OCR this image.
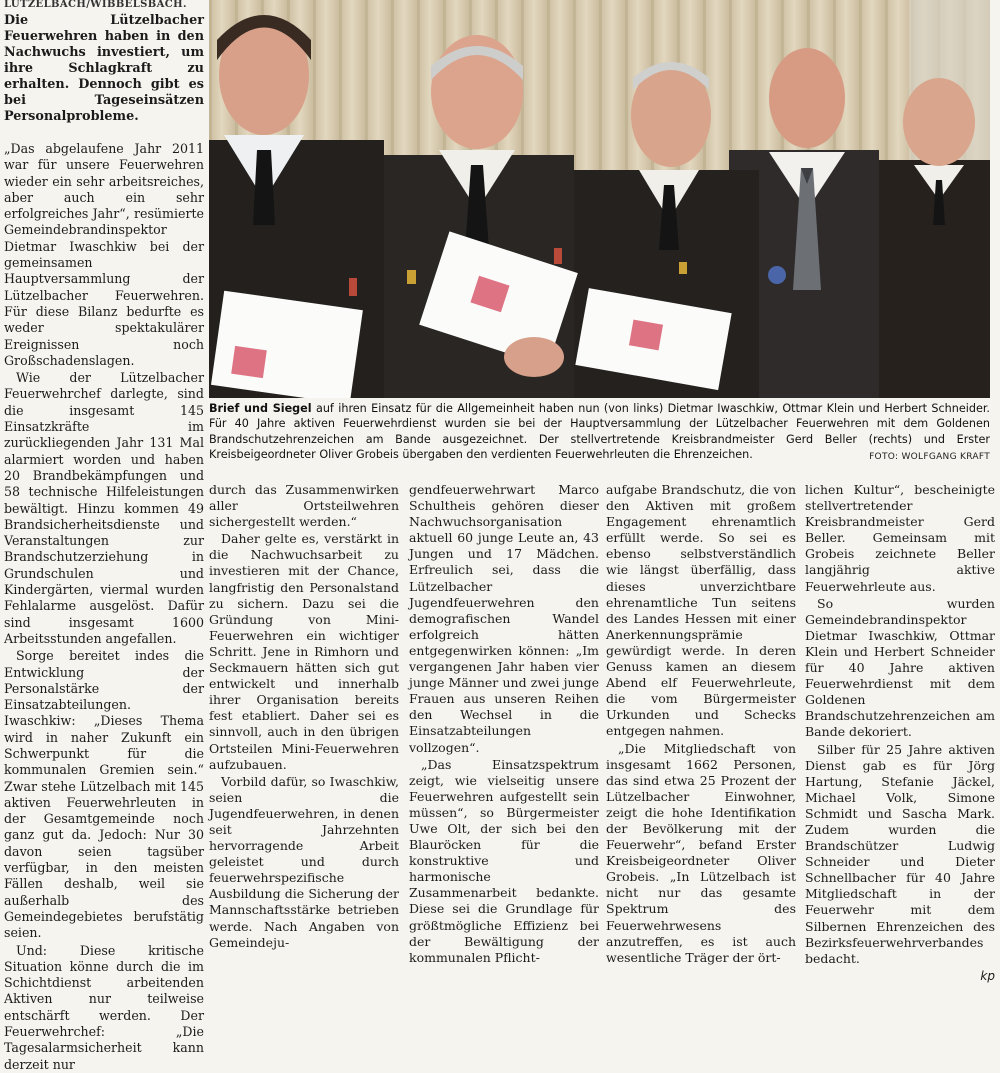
LÜTZELBACH/WIBBELSBACH. Die Lützelbacher Feuerwehren haben in den Nachwuchs investiert, um ihre Schlagkraft zu erhalten. Dennoch gibt es bei Tageseinsätzen Personalprobleme.

„Das abgelaufene Jahr 2011 war für unsere Feuerwehren wieder ein sehr arbeitsreiches, aber auch ein sehr erfolgreiches Jahr“, resümierte Gemeindebrandinspektor Dietmar Iwaschkiw bei der gemeinsamen Hauptversammlung der Lützelbacher Feuerwehren. Für diese Bilanz bedurfte es weder spektakulärer Ereignissen noch Großschadenslagen.

Wie der Lützelbacher Feuerwehrchef darlegte, sind die insgesamt 145 Einsatzkräfte im zurückliegenden Jahr 131 Mal alarmiert worden und haben 20 Brandbekämpfungen und 58 technische Hilfeleistungen bewältigt. Hinzu kommen 49 Brandsicherheitsdienste und Veranstaltungen zur Brandschutzerziehung in Grundschulen und Kindergärten, viermal wurden Fehlalarme ausgelöst. Dafür sind insgesamt 1600 Arbeitsstunden angefallen.

Sorge bereitet indes die Entwicklung der Personalstärke der Einsatzabteilungen. Iwaschkiw: „Dieses Thema wird in naher Zukunft ein Schwerpunkt für die kommunalen Gremien sein.“ Zwar stehe Lützelbach mit 145 aktiven Feuerwehrleuten in der Gesamtgemeinde noch ganz gut da. Jedoch: Nur 30 davon seien tagsüber verfügbar, in den meisten Fällen deshalb, weil sie außerhalb des Gemeindegebietes berufstätig seien.

Und: Diese kritische Situation könne durch die im Schichtdienst arbeitenden Aktiven nur teilweise entschärft werden. Der Feuerwehrchef: „Die Tagesalarmsicherheit kann derzeit nur

Brief und Siegel auf ihren Einsatz für die Allgemeinheit haben nun (von links) Dietmar Iwaschkiw, Ottmar Klein und Herbert Schneider. Für 40 Jahre aktiven Feuerwehrdienst wurden sie bei der Hauptversammlung der Lützelbacher Feuerwehren mit dem Goldenen Brandschutzehrenzeichen am Bande ausgezeichnet. Der stellvertretende Kreisbrandmeister Gerd Beller (rechts) und Erster Kreisbeigeordneter Oliver Grobeis übergaben den verdienten Feuerwehrleuten die Ehrenzeichen.	FOTO: WOLFGANG KRAFT

durch das Zusammenwirken aller Ortsteilwehren sichergestellt werden.“

Daher gelte es, verstärkt in die Nachwuchsarbeit zu investieren mit der Chance, langfristig den Personalstand zu sichern. Dazu sei die Gründung von Mini-Feuerwehren ein wichtiger Schritt. Jene in Rimhorn und Seckmauern hätten sich gut entwickelt und innerhalb ihrer Organisation bereits fest etabliert. Daher sei es sinnvoll, auch in den übrigen Ortsteilen Mini-Feuerwehren aufzubauen.

Vorbild dafür, so Iwaschkiw, seien die Jugendfeuerwehren, in denen seit Jahrzehnten hervorragende Arbeit geleistet und durch feuerwehrspezifische Ausbildung die Sicherung der Mannschaftsstärke betrieben werde. Nach Angaben von Gemeindeju-

gendfeuerwehrwart Marco Schultheis gehören dieser Nachwuchsorganisation aktuell 60 junge Leute an, 43 Jungen und 17 Mädchen. Erfreulich sei, dass die Lützelbacher Jugendfeuerwehren den demografischen Wandel erfolgreich hätten entgegenwirken können: „Im vergangenen Jahr haben vier junge Männer und zwei junge Frauen aus unseren Reihen den Wechsel in die Einsatzabteilungen vollzogen“.

„Das Einsatzspektrum zeigt, wie vielseitig unsere Feuerwehren aufgestellt sein müssen“, so Bürgermeister Uwe Olt, der sich bei den Blauröcken für die konstruktive und harmonische Zusammenarbeit bedankte. Diese sei die Grundlage für größtmögliche Effizienz bei der Bewältigung der kommunalen Pflicht-

aufgabe Brandschutz, die von den Aktiven mit großem Engagement ehrenamtlich erfüllt werde. So sei es ebenso selbstverständlich wie längst überfällig, dass dieses unverzichtbare ehrenamtliche Tun seitens des Landes Hessen mit einer Anerkennungsprämie gewürdigt werde. In deren Genuss kamen an diesem Abend elf Feuerwehrleute, die vom Bürgermeister Urkunden und Schecks entgegen nahmen.

„Die Mitgliedschaft von insgesamt 1662 Personen, das sind etwa 25 Prozent der Lützelbacher Einwohner, zeigt die hohe Identifikation der Bevölkerung mit der Feuerwehr“, befand Erster Kreisbeigeordneter Oliver Grobeis. „In Lützelbach ist nicht nur das gesamte Spektrum des Feuerwehrwesens anzutreffen, es ist auch wesentliche Träger der ört-

lichen Kultur“, bescheinigte stellvertretender Kreisbrandmeister Gerd Beller. Gemeinsam mit Grobeis zeichnete Beller langjährig aktive Feuerwehrleute aus.

So wurden Gemeindebrandinspektor Dietmar Iwaschkiw, Ottmar Klein und Herbert Schneider für 40 Jahre aktiven Feuerwehrdienst mit dem Goldenen Brandschutzehrenzeichen am Bande dekoriert.

Silber für 25 Jahre aktiven Dienst gab es für Jörg Hartung, Stefanie Jäckel, Michael Volk, Simone Schmidt und Sascha Mark. Zudem wurden die Brandschützer Ludwig Schneider und Dieter Schnellbacher für 40 Jahre Mitgliedschaft in der Feuerwehr mit dem Silbernen Ehrenzeichen des Bezirksfeuerwehrverbandes bedacht.

kp
